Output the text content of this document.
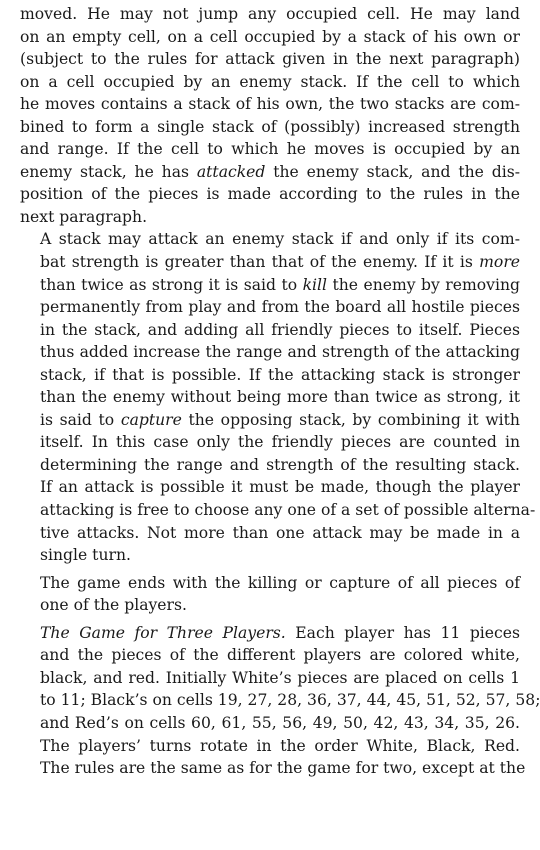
moved. He may not jump any occupied cell. He may land
on an empty cell, on a cell occupied by a stack of his own or
(subject to the rules for attack given in the next paragraph)
on a cell occupied by an enemy stack. If the cell to which
he moves contains a stack of his own, the two stacks are com-
bined to form a single stack of (possibly) increased strength
and range. If the cell to which he moves is occupied by an
enemy stack, he has attacked the enemy stack, and the dis-
position of the pieces is made according to the rules in the
next paragraph.

A stack may attack an enemy stack if and only if its com-
bat strength is greater than that of the enemy. If it is more
than twice as strong it is said to kill the enemy by removing
permanently from play and from the board all hostile pieces
in the stack, and adding all friendly pieces to itself. Pieces
thus added increase the range and strength of the attacking
stack, if that is possible. If the attacking stack is stronger
than the enemy without being more than twice as strong, it
is said to capture the opposing stack, by combining it with
itself. In this case only the friendly pieces are counted in
determining the range and strength of the resulting stack.
If an attack is possible it must be made, though the player
attacking is free to choose any one of a set of possible alterna-
tive attacks. Not more than one attack may be made in a
single turn.

The game ends with the killing or capture of all pieces of
one of the players.

The Game for Three Players. Each player has 11 pieces
and the pieces of the different players are colored white,
black, and red. Initially White’s pieces are placed on cells 1
to 11; Black’s on cells 19, 27, 28, 36, 37, 44, 45, 51, 52, 57, 58;
and Red’s on cells 60, 61, 55, 56, 49, 50, 42, 43, 34, 35, 26.
The players’ turns rotate in the order White, Black, Red.
The rules are the same as for the game for two, except at the
